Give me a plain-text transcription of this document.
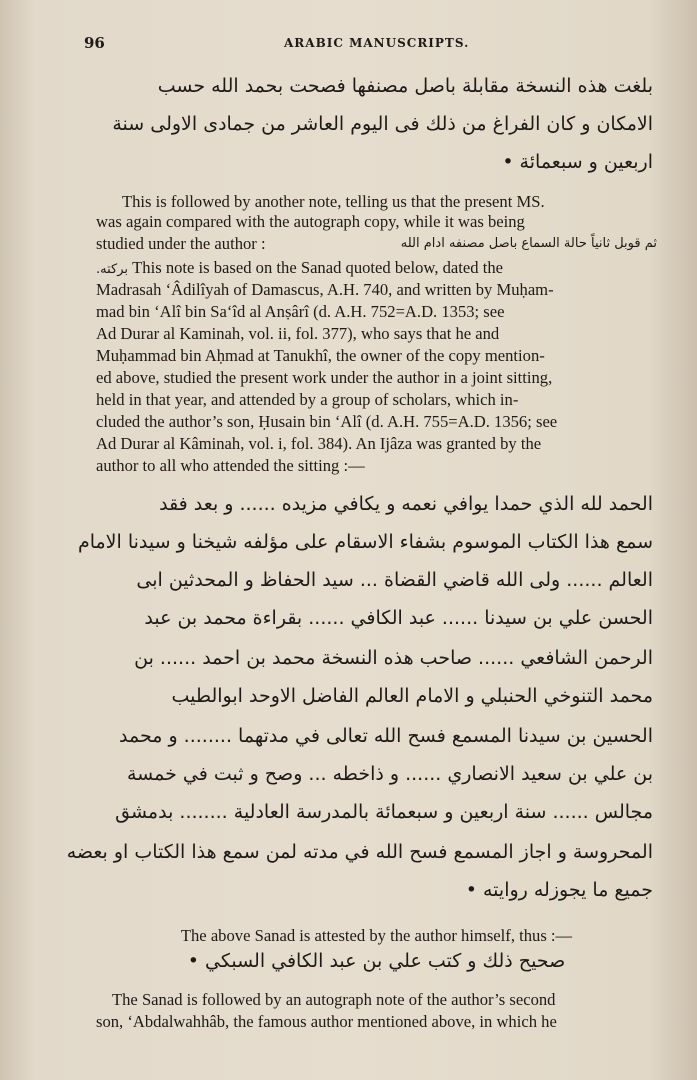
96	ARABIC MANUSCRIPTS.
بلغت هذه النسخة مقابلة باصل مصنفها فصحت بحمد الله حسب
الامكان و كان الفراغ من ذلك فى اليوم العاشر من جمادى الاولى سنة
اربعين و سبعمائة •
This is followed by another note, telling us that the present MS.
was again compared with the autograph copy, while it was being
studied under the author :	ثم قوبل ثانياً حالة السماع باصل مصنفه ادام الله
بركته. This note is based on the Sanad quoted below, dated the
Madrasah ‘Âdilîyah of Damascus, A.H. 740, and written by Muḥam-
mad bin ‘Alî bin Sa‘îd al Anṣârî (d. A.H. 752=A.D. 1353; see
Ad Durar al Kaminah, vol. ii, fol. 377), who says that he and
Muḥammad bin Aḥmad at Tanukhî, the owner of the copy mention-
ed above, studied the present work under the author in a joint sitting,
held in that year, and attended by a group of scholars, which in-
cluded the author’s son, Ḥusain bin ‘Alî (d. A.H. 755=A.D. 1356; see
Ad Durar al Kâminah, vol. i, fol. 384). An Ijâza was granted by the
author to all who attended the sitting :—
الحمد لله الذي حمدا يوافي نعمه و يكافي مزيده ...... و بعد فقد
سمع هذا الكتاب الموسوم بشفاء الاسقام على مؤلفه شيخنا و سيدنا الامام
العالم ...... ولى الله قاضي القضاة ... سيد الحفاظ و المحدثين ابى
الحسن علي بن سيدنا ...... عبد الكافي ...... بقراءة محمد بن عبد
الرحمن الشافعي ...... صاحب هذه النسخة محمد بن احمد ...... بن
محمد التنوخي الحنبلي و الامام العالم الفاضل الاوحد ابوالطيب
الحسين بن سيدنا المسمع فسح الله تعالى في مدتهما ........ و محمد
بن علي بن سعيد الانصاري ...... و ذاخطه ... وصح و ثبت في خمسة
مجالس ...... سنة اربعين و سبعمائة بالمدرسة العادلية ........ بدمشق
المحروسة و اجاز المسمع فسح الله في مدته لمن سمع هذا الكتاب او بعضه
جميع ما يجوزله روايته •
The above Sanad is attested by the author himself, thus :—
صحيح ذلك و كتب علي بن عبد الكافي السبكي •
The Sanad is followed by an autograph note of the author’s second
son, ‘Abdalwahhâb, the famous author mentioned above, in which he
